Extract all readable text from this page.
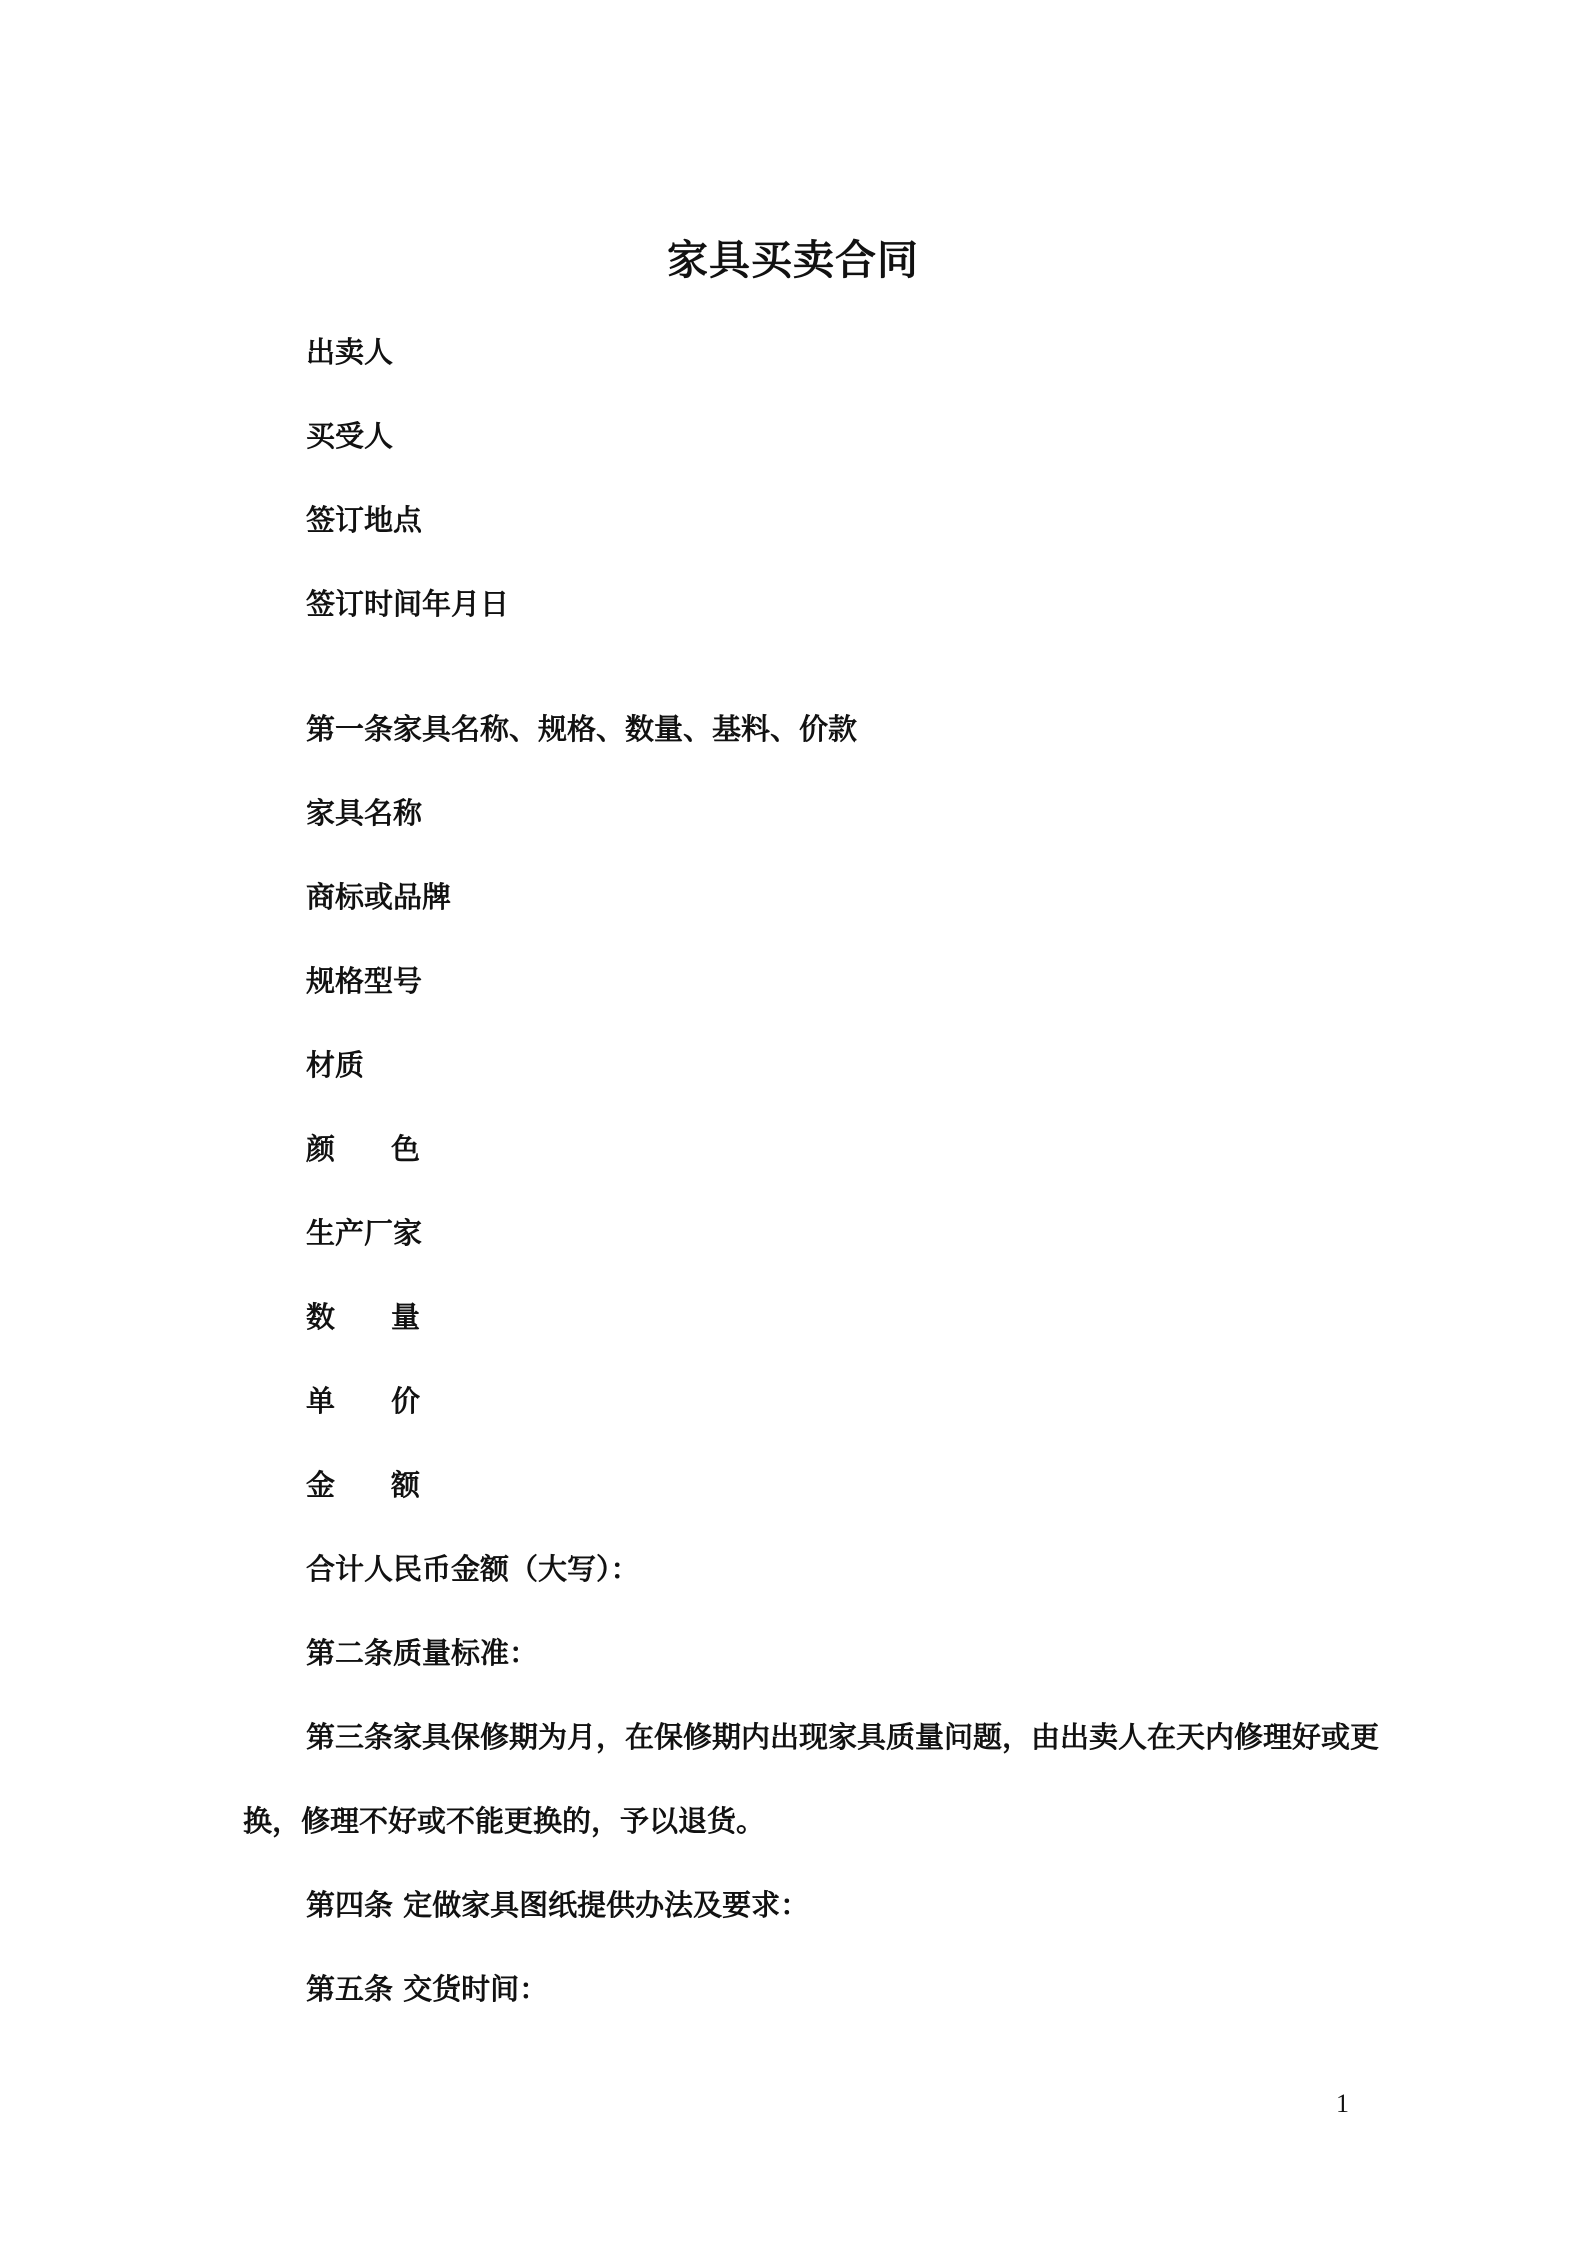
家具买卖合同
出卖人
买受人
签订地点
签订时间年月日
第一条家具名称、规格、数量、基料、价款
家具名称
商标或品牌
规格型号
材质
颜 色
生产厂家
数 量
单 价
金 额
合计人民币金额（大写）：
第二条质量标准：
第三条家具保修期为月，在保修期内出现家具质量问题，由出卖人在天内修理好或更
换，修理不好或不能更换的，予以退货。
第四条 定做家具图纸提供办法及要求：
第五条 交货时间：
1
